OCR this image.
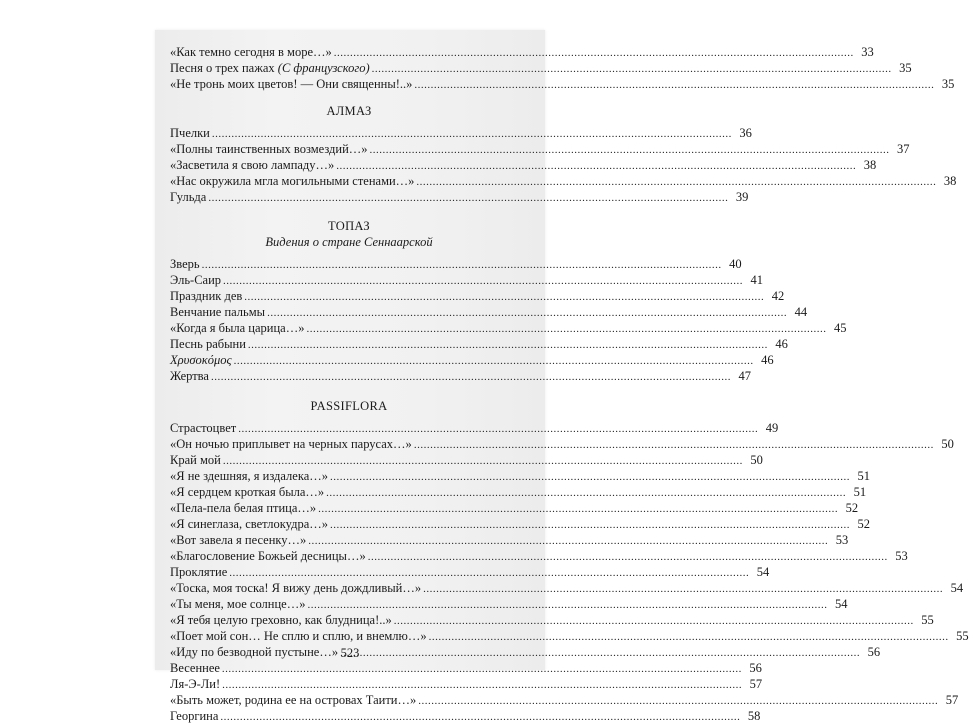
«Как темно сегодня в море…» .....	33
Песня о трех пажах (С французского) .....	35
«Не тронь моих цветов! — Они священны!..» .....	35
АЛМАЗ
Пчелки .....	36
«Полны таинственных возмездий…» .....	37
«Засветила я свою лампаду…» .....	38
«Нас окружила мгла могильными стенами…» .....	38
Гульда .....	39
ТОПАЗ
Видения о стране Сеннаарской
Зверь .....	40
Эль-Саир .....	41
Праздник дев .....	42
Венчание пальмы .....	44
«Когда я была царица…» .....	45
Песнь рабыни .....	46
Χρυσοκόμος .....	46
Жертва .....	47
PASSIFLORA
Страстоцвет .....	49
«Он ночью приплывет на черных парусах…» .....	50
Край мой .....	50
«Я не здешняя, я издалека…» .....	51
«Я сердцем кроткая была…» .....	51
«Пела-пела белая птица…» .....	52
«Я синеглаза, светлокудра…» .....	52
«Вот завела я песенку…» .....	53
«Благословение Божьей десницы…» .....	53
Проклятие .....	54
«Тоска, моя тоска! Я вижу день дождливый…» .....	54
«Ты меня, мое солнце…» .....	54
«Я тебя целую греховно, как блудница!..» .....	55
«Поет мой сон… Не сплю и сплю, и внемлю…» .....	55
«Иду по безводной пустыне…» .....	56
Весеннее .....	56
Ля-Э-Ли! .....	57
«Быть может, родина ее на островах Таити…» .....	57
Георгина .....	58
523
